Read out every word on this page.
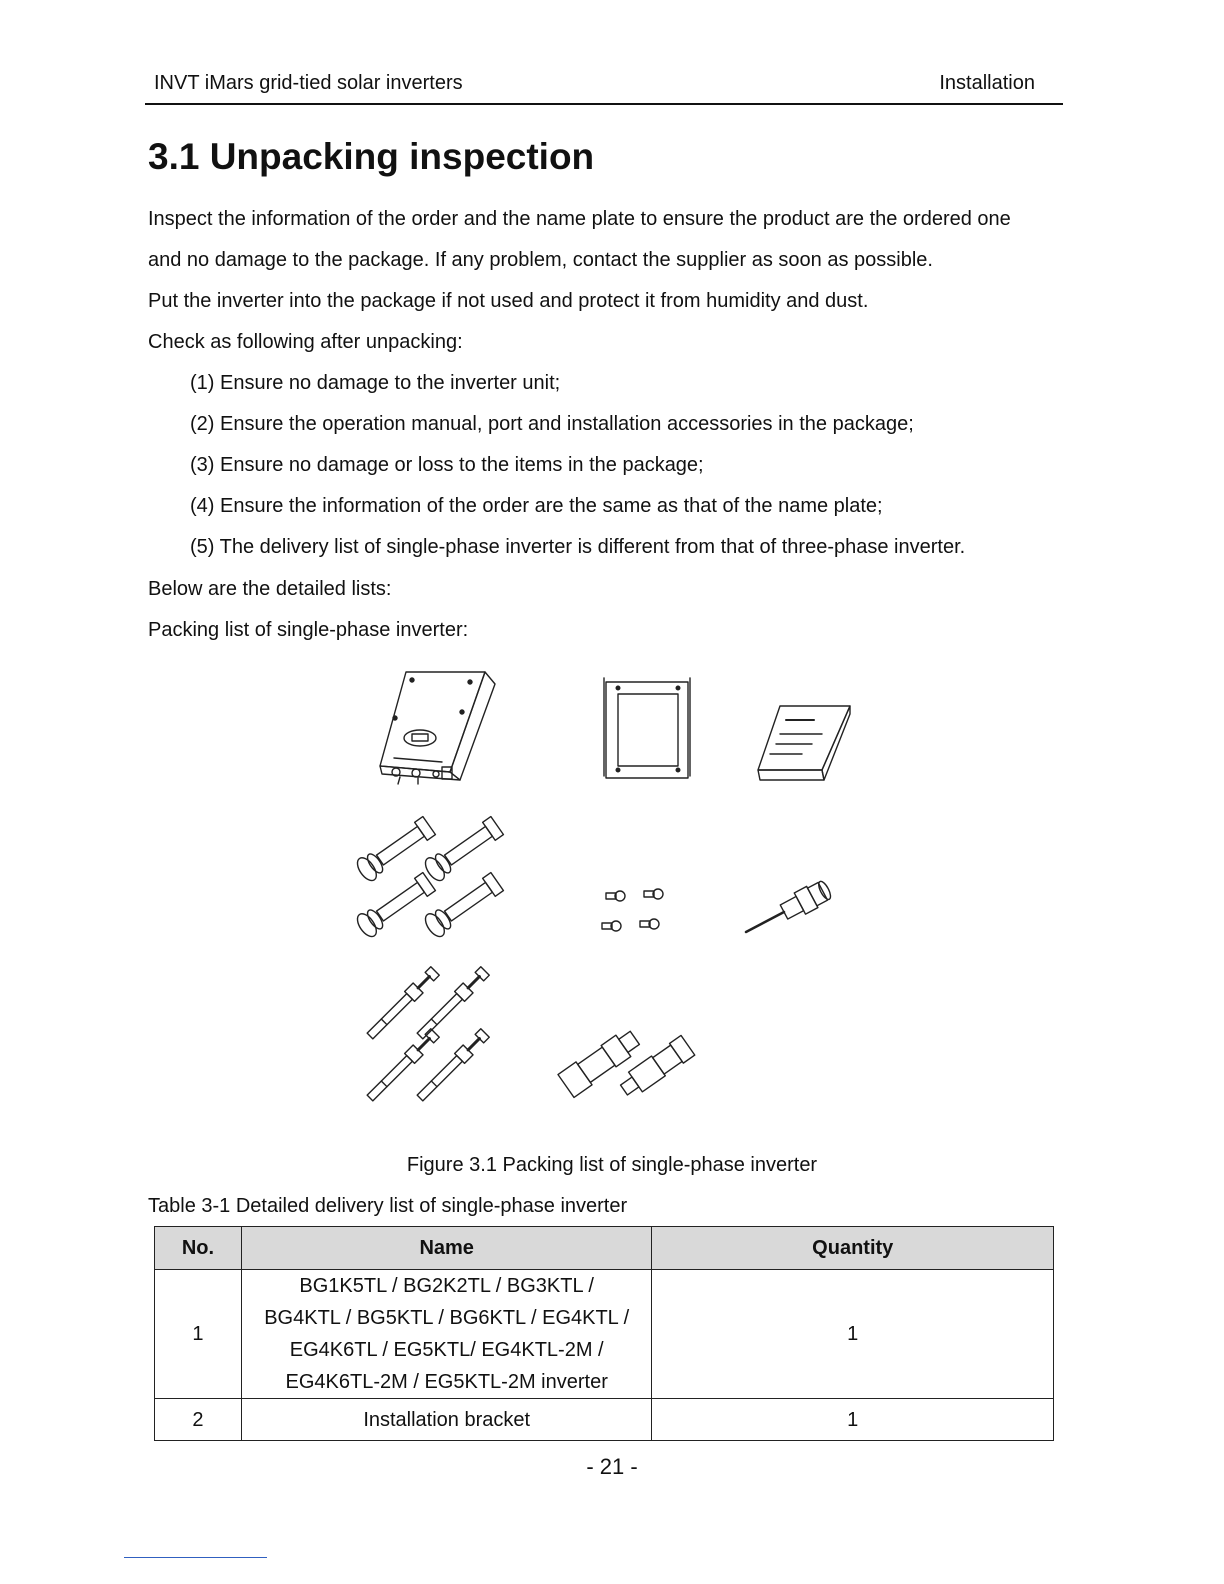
INVT iMars grid-tied solar inverters	Installation
3.1 Unpacking inspection
Inspect the information of the order and the name plate to ensure the product are the ordered one
and no damage to the package. If any problem, contact the supplier as soon as possible.
Put the inverter into the package if not used and protect it from humidity and dust.
Check as following after unpacking:
(1) Ensure no damage to the inverter unit;
(2) Ensure the operation manual, port and installation accessories in the package;
(3) Ensure no damage or loss to the items in the package;
(4) Ensure the information of the order are the same as that of the name plate;
(5) The delivery list of single-phase inverter is different from that of three-phase inverter.
Below are the detailed lists:
Packing list of single-phase inverter:
Figure 3.1 Packing list of single-phase inverter
Table 3-1 Detailed delivery list of single-phase inverter
No.	Name	Quantity
1	BG1K5TL / BG2K2TL / BG3KTL /
BG4KTL / BG5KTL / BG6KTL / EG4KTL /
EG4K6TL / EG5KTL/ EG4KTL-2M /
EG4K6TL-2M / EG5KTL-2M inverter	1
2	Installation bracket	1
- 21 -
